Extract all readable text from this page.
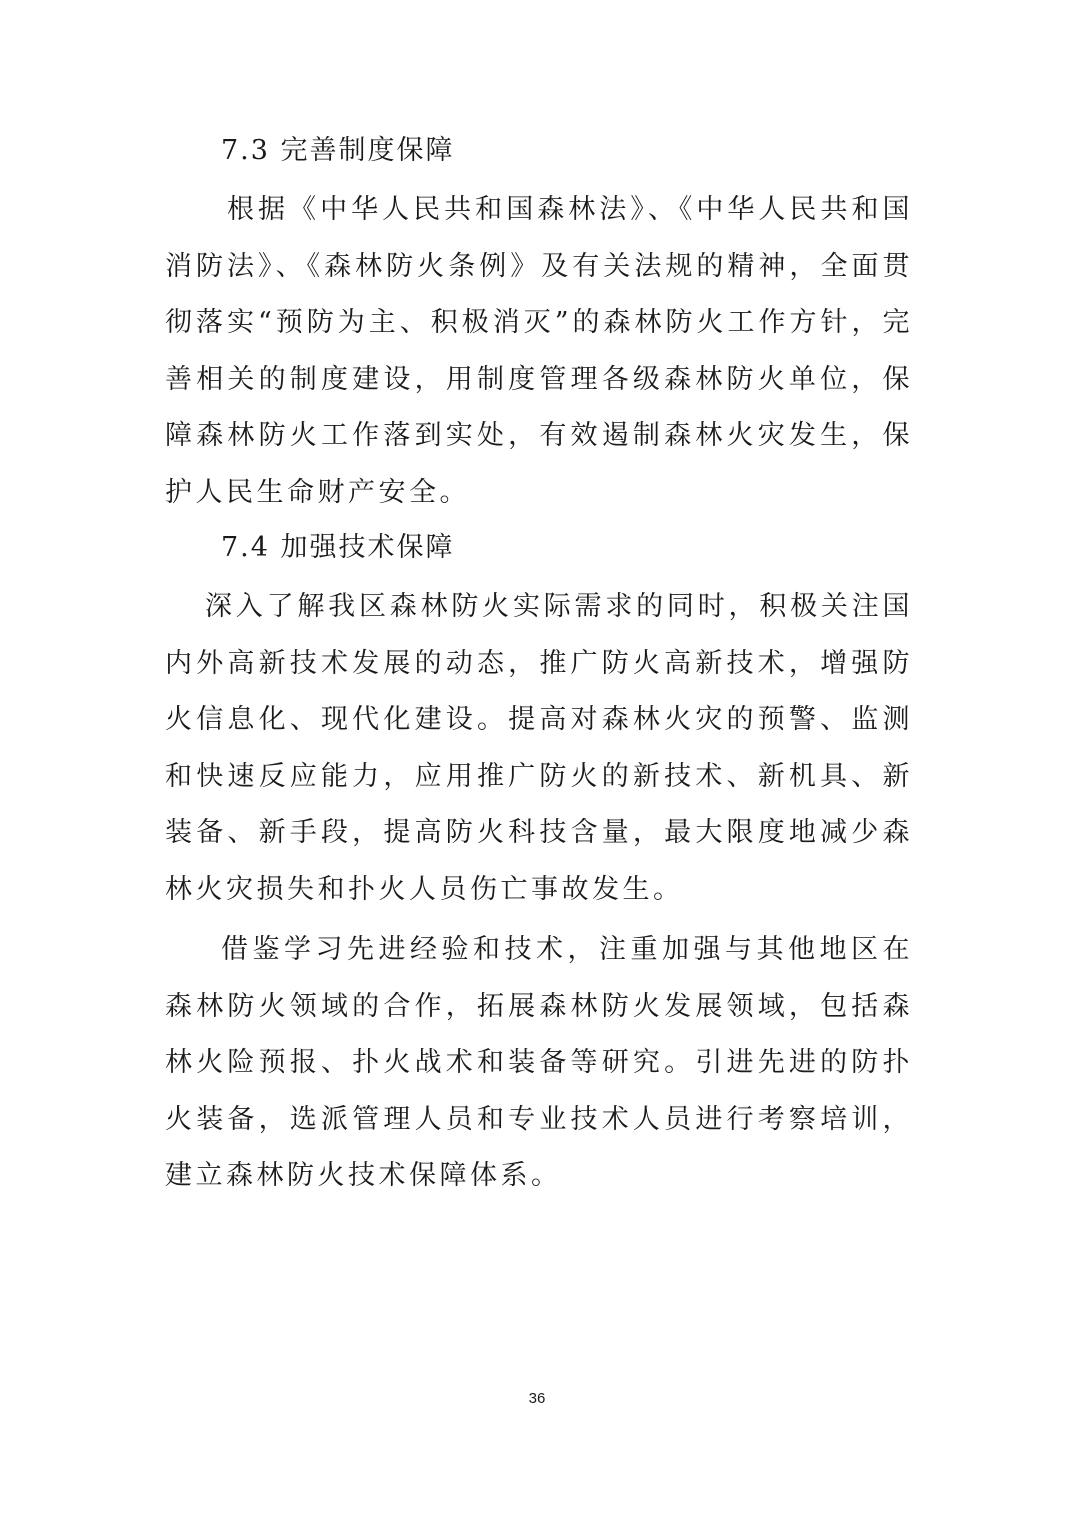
7.3 完善制度保障

根据《中华人民共和国森林法》、《中华人民共和国消防法》、《森林防火条例》及有关法规的精神，全面贯彻落实“预防为主、积极消灭”的森林防火工作方针，完善相关的制度建设，用制度管理各级森林防火单位，保障森林防火工作落到实处，有效遏制森林火灾发生，保护人民生命财产安全。

7.4 加强技术保障

深入了解我区森林防火实际需求的同时，积极关注国内外高新技术发展的动态，推广防火高新技术，增强防火信息化、现代化建设。提高对森林火灾的预警、监测和快速反应能力，应用推广防火的新技术、新机具、新装备、新手段，提高防火科技含量，最大限度地减少森林火灾损失和扑火人员伤亡事故发生。

借鉴学习先进经验和技术，注重加强与其他地区在森林防火领域的合作，拓展森林防火发展领域，包括森林火险预报、扑火战术和装备等研究。引进先进的防扑火装备，选派管理人员和专业技术人员进行考察培训，建立森林防火技术保障体系。

36
